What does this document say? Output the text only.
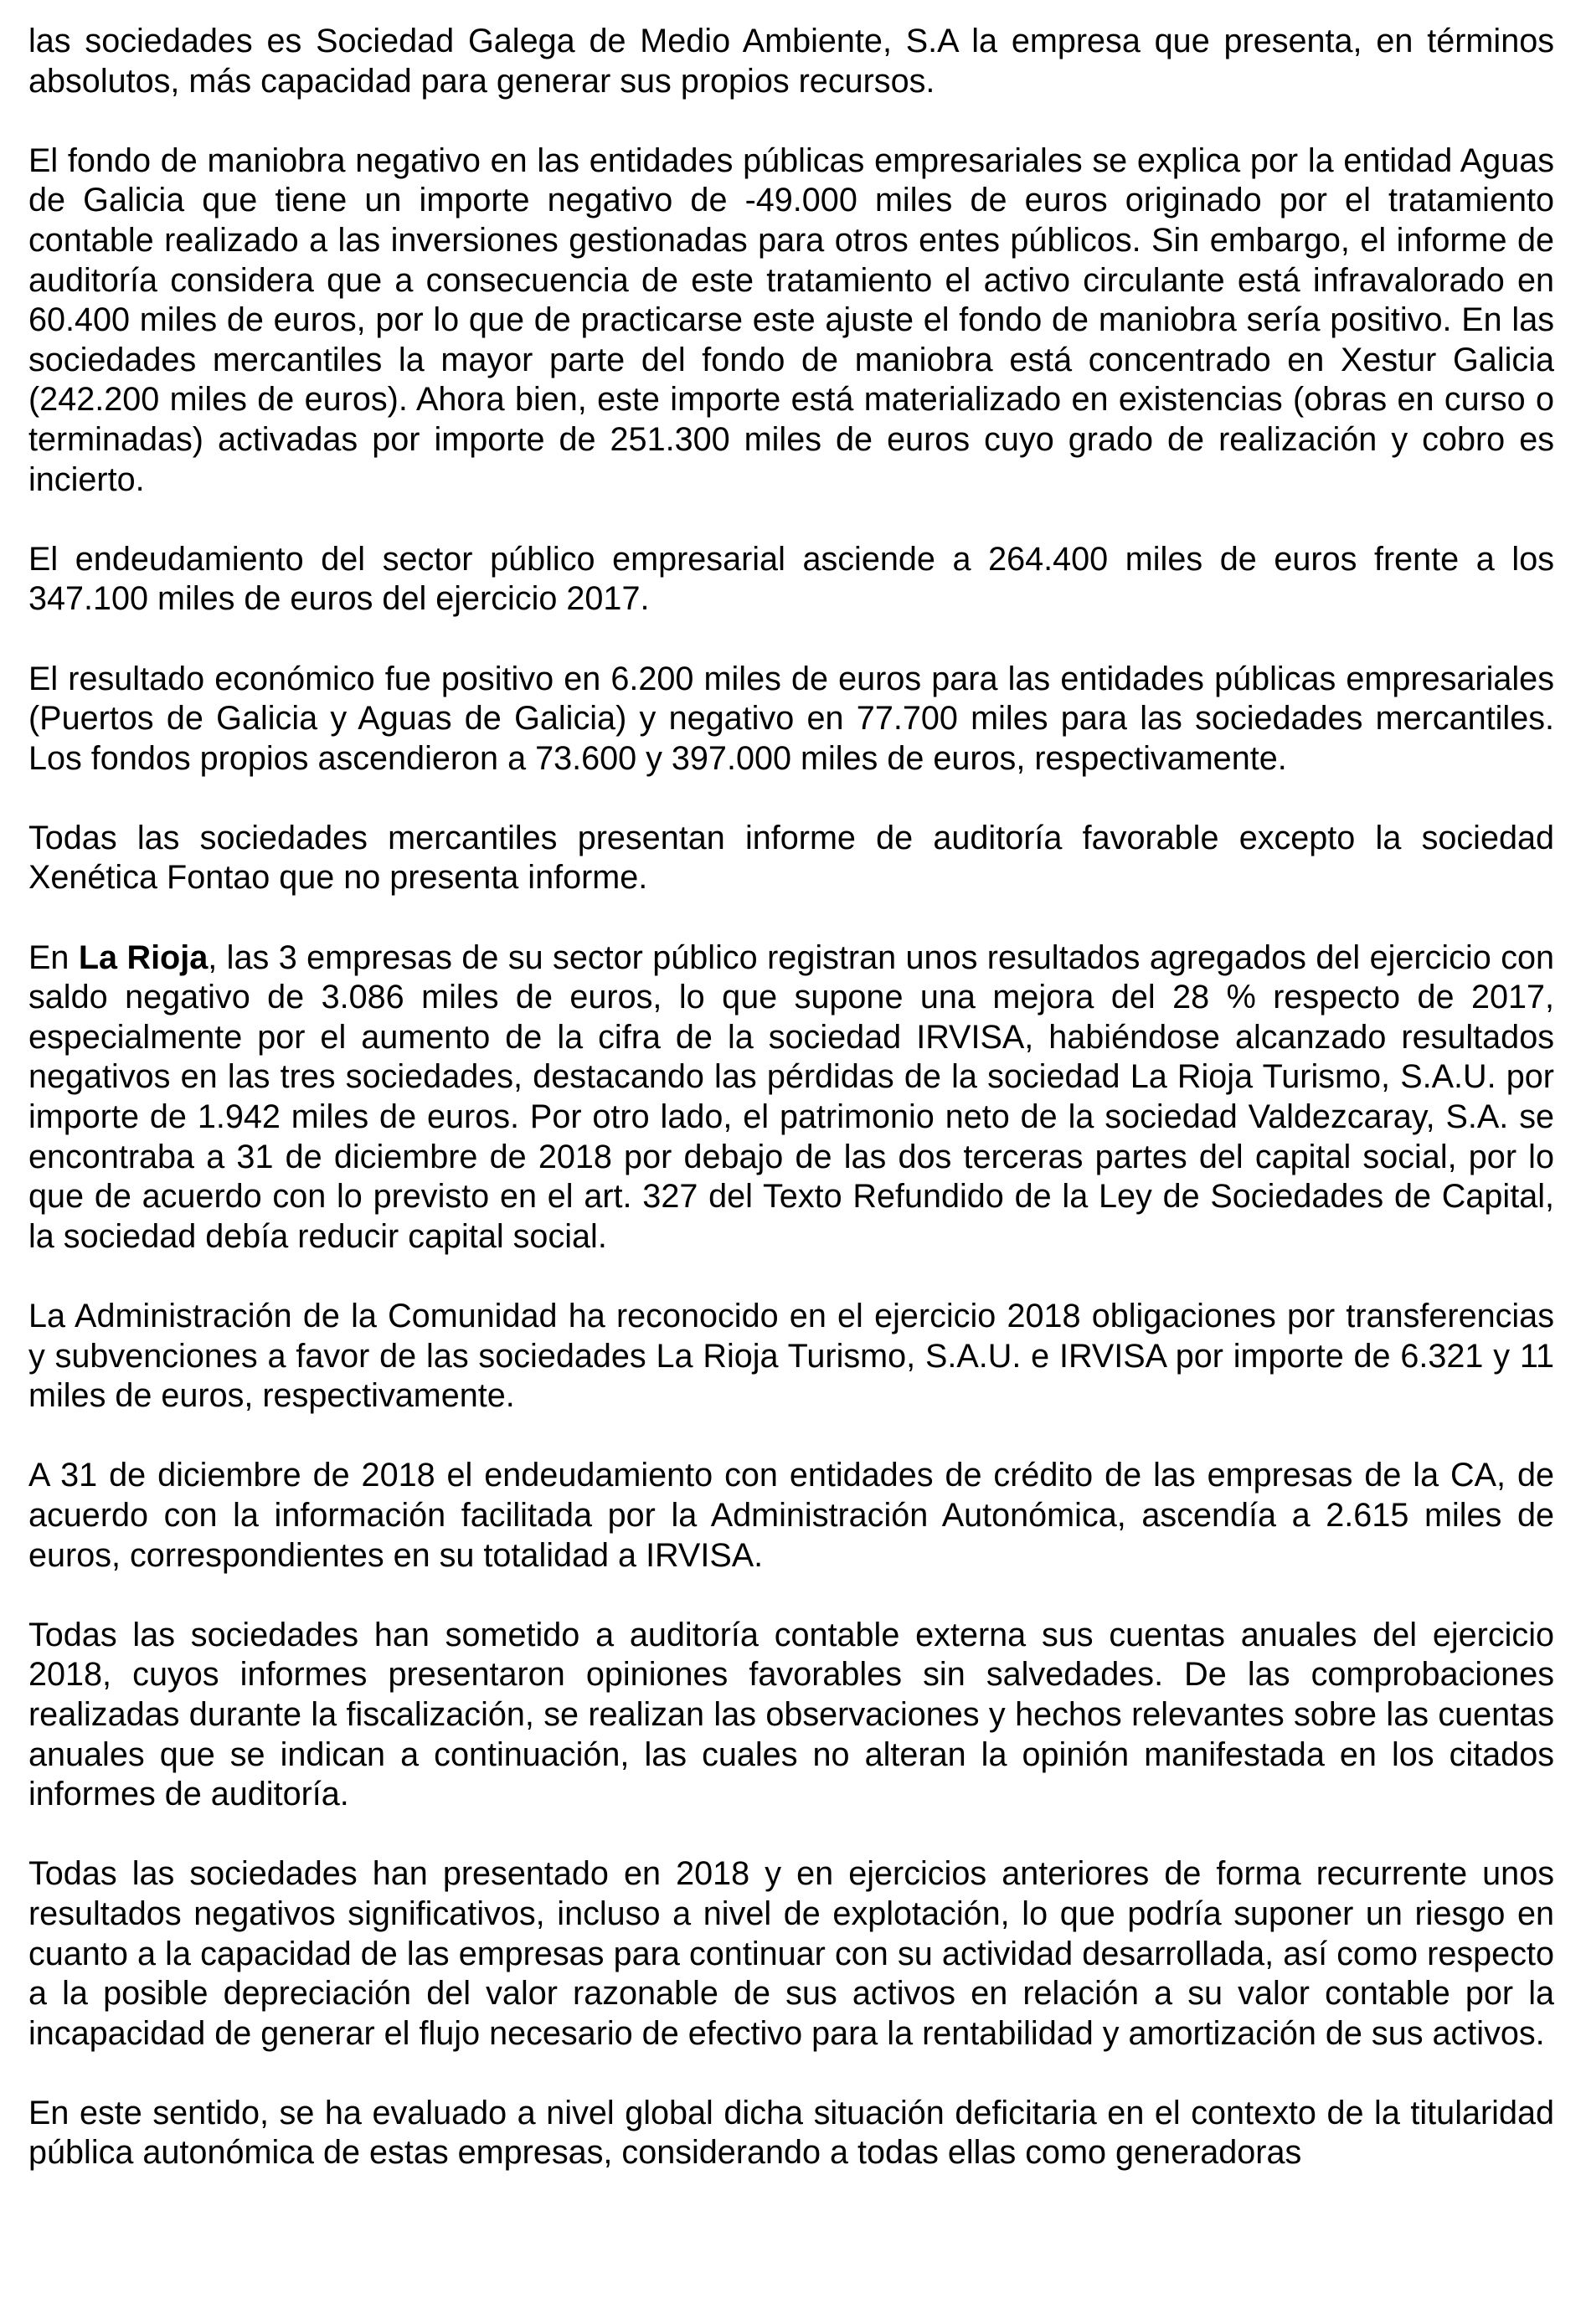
las sociedades es Sociedad Galega de Medio Ambiente, S.A la empresa que presenta, en términos absolutos, más capacidad para generar sus propios recursos.

El fondo de maniobra negativo en las entidades públicas empresariales se explica por la entidad Aguas de Galicia que tiene un importe negativo de -49.000 miles de euros originado por el tratamiento contable realizado a las inversiones gestionadas para otros entes públicos. Sin embargo, el informe de auditoría considera que a consecuencia de este tratamiento el activo circulante está infravalorado en 60.400 miles de euros, por lo que de practicarse este ajuste el fondo de maniobra sería positivo. En las sociedades mercantiles la mayor parte del fondo de maniobra está concentrado en Xestur Galicia (242.200 miles de euros). Ahora bien, este importe está materializado en existencias (obras en curso o terminadas) activadas por importe de 251.300 miles de euros cuyo grado de realización y cobro es incierto.

El endeudamiento del sector público empresarial asciende a 264.400 miles de euros frente a los 347.100 miles de euros del ejercicio 2017.

El resultado económico fue positivo en 6.200 miles de euros para las entidades públicas empresariales (Puertos de Galicia y Aguas de Galicia) y negativo en 77.700 miles para las sociedades mercantiles. Los fondos propios ascendieron a 73.600 y 397.000 miles de euros, respectivamente.

Todas las sociedades mercantiles presentan informe de auditoría favorable excepto la sociedad Xenética Fontao que no presenta informe.

En La Rioja, las 3 empresas de su sector público registran unos resultados agregados del ejercicio con saldo negativo de 3.086 miles de euros, lo que supone una mejora del 28 % respecto de 2017, especialmente por el aumento de la cifra de la sociedad IRVISA, habiéndose alcanzado resultados negativos en las tres sociedades, destacando las pérdidas de la sociedad La Rioja Turismo, S.A.U. por importe de 1.942 miles de euros. Por otro lado, el patrimonio neto de la sociedad Valdezcaray, S.A. se encontraba a 31 de diciembre de 2018 por debajo de las dos terceras partes del capital social, por lo que de acuerdo con lo previsto en el art. 327 del Texto Refundido de la Ley de Sociedades de Capital, la sociedad debía reducir capital social.

La Administración de la Comunidad ha reconocido en el ejercicio 2018 obligaciones por transferencias y subvenciones a favor de las sociedades La Rioja Turismo, S.A.U. e IRVISA por importe de 6.321 y 11 miles de euros, respectivamente.

A 31 de diciembre de 2018 el endeudamiento con entidades de crédito de las empresas de la CA, de acuerdo con la información facilitada por la Administración Autonómica, ascendía a 2.615 miles de euros, correspondientes en su totalidad a IRVISA.

Todas las sociedades han sometido a auditoría contable externa sus cuentas anuales del ejercicio 2018, cuyos informes presentaron opiniones favorables sin salvedades. De las comprobaciones realizadas durante la fiscalización, se realizan las observaciones y hechos relevantes sobre las cuentas anuales que se indican a continuación, las cuales no alteran la opinión manifestada en los citados informes de auditoría.

Todas las sociedades han presentado en 2018 y en ejercicios anteriores de forma recurrente unos resultados negativos significativos, incluso a nivel de explotación, lo que podría suponer un riesgo en cuanto a la capacidad de las empresas para continuar con su actividad desarrollada, así como respecto a la posible depreciación del valor razonable de sus activos en relación a su valor contable por la incapacidad de generar el flujo necesario de efectivo para la rentabilidad y amortización de sus activos.

En este sentido, se ha evaluado a nivel global dicha situación deficitaria en el contexto de la titularidad pública autonómica de estas empresas, considerando a todas ellas como generadoras
